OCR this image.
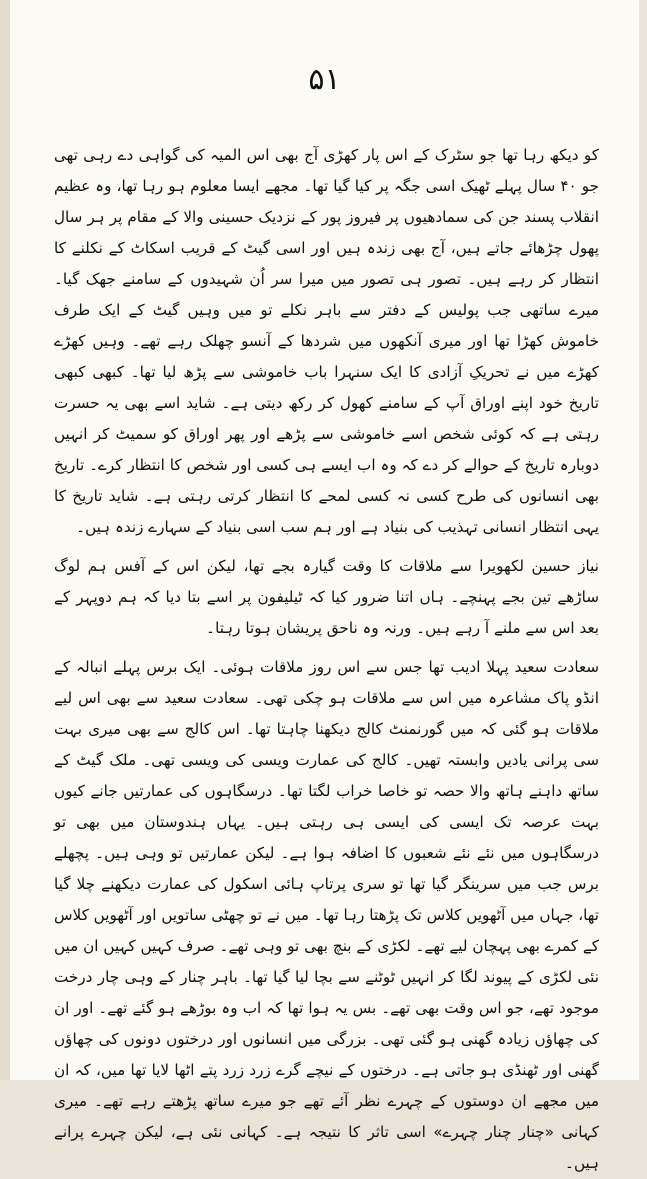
۵۱

کو دیکھ رہا تھا جو سٹرک کے اس پار کھڑی آج بھی اس المیہ کی گواہی دے رہی تھی جو ۴۰ سال پہلے ٹھیک اسی جگہ پر کیا گیا تھا۔ مجھے ایسا معلوم ہو رہا تھا، وہ عظیم انقلاب پسند جن کی سمادھیوں پر فیروز پور کے نزدیک حسینی والا کے مقام پر ہر سال پھول چڑھائے جاتے ہیں، آج بھی زندہ ہیں اور اسی گیٹ کے قریب اسکاٹ کے نکلنے کا انتظار کر رہے ہیں۔ تصور ہی تصور میں میرا سر اُن شہیدوں کے سامنے جھک گیا۔ میرے ساتھی جب پولیس کے دفتر سے باہر نکلے تو میں وہیں گیٹ کے ایک طرف خاموش کھڑا تھا اور میری آنکھوں میں شردھا کے آنسو چھلک رہے تھے۔ وہیں کھڑے کھڑے میں نے تحریکِ آزادی کا ایک سنہرا باب خاموشی سے پڑھ لیا تھا۔ کبھی کبھی تاریخ خود اپنے اوراق آپ کے سامنے کھول کر رکھ دیتی ہے۔ شاید اسے بھی یہ حسرت رہتی ہے کہ کوئی شخص اسے خاموشی سے پڑھے اور پھر اوراق کو سمیٹ کر انہیں دوبارہ تاریخ کے حوالے کر دے کہ وہ اب ایسے ہی کسی اور شخص کا انتظار کرے۔ تاریخ بھی انسانوں کی طرح کسی نہ کسی لمحے کا انتظار کرتی رہتی ہے۔ شاید تاریخ کا یہی انتظار انسانی تہذیب کی بنیاد ہے اور ہم سب اسی بنیاد کے سہارے زندہ ہیں۔

نیاز حسین لکھویرا سے ملاقات کا وقت گیارہ بجے تھا، لیکن اس کے آفس ہم لوگ ساڑھے تین بجے پہنچے۔ ہاں اتنا ضرور کیا کہ ٹیلیفون پر اسے بتا دیا کہ ہم دوپہر کے بعد اس سے ملنے آ رہے ہیں۔ ورنہ وہ ناحق پریشان ہوتا رہتا۔

سعادت سعید پہلا ادیب تھا جس سے اس روز ملاقات ہوئی۔ ایک برس پہلے انبالہ کے انڈو پاک مشاعرہ میں اس سے ملاقات ہو چکی تھی۔ سعادت سعید سے بھی اس لیے ملاقات ہو گئی کہ میں گورنمنٹ کالج دیکھنا چاہتا تھا۔ اس کالج سے بھی میری بہت سی پرانی یادیں وابستہ تھیں۔ کالج کی عمارت ویسی کی ویسی تھی۔ ملک گیٹ کے ساتھ داہنے ہاتھ والا حصہ تو خاصا خراب لگتا تھا۔ درسگاہوں کی عمارتیں جانے کیوں بہت عرصہ تک ایسی کی ایسی ہی رہتی ہیں۔ یہاں ہندوستان میں بھی تو درسگاہوں میں نئے نئے شعبوں کا اضافہ ہوا ہے۔ لیکن عمارتیں تو وہی ہیں۔ پچھلے برس جب میں سرینگر گیا تھا تو سری پرتاپ ہائی اسکول کی عمارت دیکھنے چلا گیا تھا، جہاں میں آٹھویں کلاس تک پڑھتا رہا تھا۔ میں نے تو چھٹی ساتویں اور آٹھویں کلاس کے کمرے بھی پہچان لیے تھے۔ لکڑی کے بنچ بھی تو وہی تھے۔ صرف کہیں کہیں ان میں نئی لکڑی کے پیوند لگا کر انہیں ٹوٹنے سے بچا لیا گیا تھا۔ باہر چنار کے وہی چار درخت موجود تھے، جو اس وقت بھی تھے۔ بس یہ ہوا تھا کہ اب وہ بوڑھے ہو گئے تھے۔ اور ان کی چھاؤں زیادہ گھنی ہو گئی تھی۔ بزرگی میں انسانوں اور درختوں دونوں کی چھاؤں گھنی اور ٹھنڈی ہو جاتی ہے۔ درختوں کے نیچے گرے زرد زرد پتے اٹھا لایا تھا میں، کہ ان میں مجھے ان دوستوں کے چہرے نظر آئے تھے جو میرے ساتھ پڑھتے رہے تھے۔ میری کہانی «چنار چنار چہرے» اسی تاثر کا نتیجہ ہے۔ کہانی نئی ہے، لیکن چہرے پرانے ہیں۔
